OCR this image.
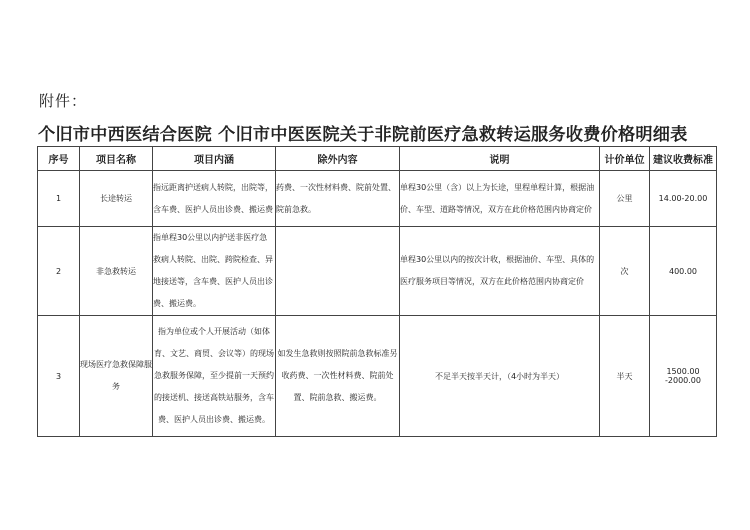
附件：
个旧市中西医结合医院 个旧市中医医院关于非院前医疗急救转运服务收费价格明细表
序号	项目名称	项目内涵	除外内容	说明	计价单位	建议收费标准
1	长途转运	指远距离护送病人转院，出院等，含车费、医护人员出诊费、搬运费	药费、一次性材料费、院前处置、院前急救。	单程30公里（含）以上为长途，里程单程计算，根据油价、车型、道路等情况，双方在此价格范围内协商定价	公里	14.00-20.00
2	非急救转运	指单程30公里以内护送非医疗急救病人转院、出院、跨院检查、异地接送等，含车费、医护人员出诊费、搬运费。		单程30公里以内的按次计收，根据油价、车型、具体的医疗服务项目等情况，双方在此价格范围内协商定价	次	400.00
3	现场医疗急救保障服务	指为单位或个人开展活动（如体育、文艺、商贸、会议等）的现场急救服务保障，至少提前一天预约的接送机、接送高铁站服务，含车费、医护人员出诊费、搬运费。	如发生急救则按照院前急救标准另收药费、一次性材料费、院前处置、院前急救、搬运费。	不足半天按半天计，（4小时为半天）	半天	1500.00 -2000.00
